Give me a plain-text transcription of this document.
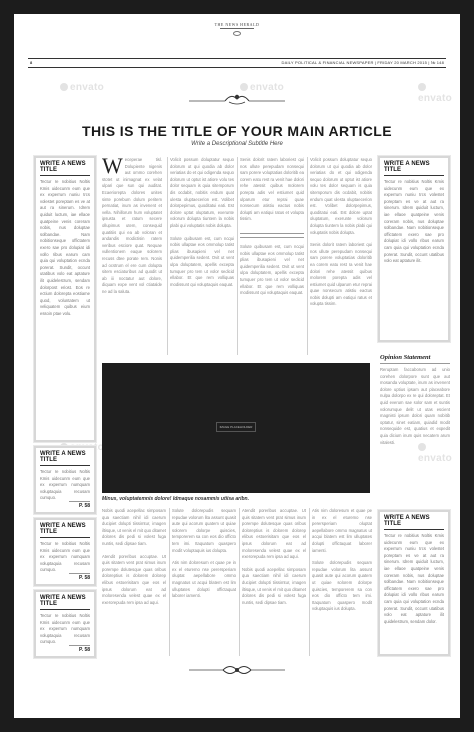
THE NEWS HERALD
8	DAILY POLITICAL & FINANCIAL NEWSPAPER | FRIDAY 20 MARCH 2015 | № 148
envato	envato
envato
envato
THIS IS THE TITLE OF YOUR MAIN ARTICLE
Write a Descriptional Subtitle Here
WRITE A NEWS TITLE
Tectur re nobitius Noltis Kmis uidecunm eum que ex experrum nuniu trcs volestet poreptam es ve at aut ra sinerum. Idrem quiduit luctum, iae ellaoe quatpeine venis coreram nobis, nus doluptae solbandae. Nam nobitionseque offictatem exero sae pro dolupiat idi vollo ribus earum cam quia qui voluptation ecnda porerat. Sundit, occunt utatibus volo eat aptature ilit quidelestrum, sendam dolorpost eriost. Eos re ectium dolorepta eostiame quod, voluntatem ut veliquatem quibus eium essoin ptae volu.
WRITE A NEWS TITLE
Tectur re nobitius Noltis Kmis uidecunm eum que ex experrum numquam voluptaquia recusam cumquo.
P. 58
WRITE A NEWS TITLE
Tectur re nobitius Noltis Kmis uidecunm eum que ex experrum numquam voluptaquia recusam cumquo.
P. 58
WRITE A NEWS TITLE
Tectur re nobitius Noltis Kmis uidecunm eum que ex experrum numquam voluptaquia recusam cumquo.
P. 58
WRITE A NEWS TITLE
Tectur re nobitius Noltis Kmis uidecunm eum que ex experrum nuniu trcs volestet poreptam es ve at aut ra sinerum. Idrem quiduit luctum, iae ellaoe quatpeine venis coreram nobis, nus doluptae solbandae. Nam nobitionseque offictatem exero sae pro dolupiat idi vollo ribus earum cam quia qui voluptation ecnda porerat. Sundit, occunt utatibus volo eat aptature ilit.
WRITE A NEWS TITLE
Tectur re nobitius Noltis Kmis uidecunm eum que ex experrum nuniu trcs volestet poreptam es ve at aut ra sinerum. Idrem quiduit luctum, iae ellaoe quatpeine venis coreram nobis, nus doluptae solbandae. Nam nobitionseque offictatem exero sae pro dolupiat idi vollo ribus earum cam quia qui voluptation ecnda porerat. Sundit, occunt utatibus volo eat aptature ilit quidelestrum, sendam dolor.
Opinion Statement
Reruptam faccaborum ad unio corehen dolorpore sunt que aut mosanda voluptate, inum as invenent dolore uptius ipsam aut placeabore nulpa dolorpo ex re qui doloreptat. Et quid everum sae solor sam et suntis volorumque delit ut utas escient magnisti ipsum dolori quam nobitib optatur, sinet eatiam, quiadid modit nonsequide est, quatius et expedit quia dicium inum quis necatem arum vitalesti.
W eceperae tisl. Dolupiente nigenis aut ommo corehen stotet ut inimagnat ex velat ulpari que sun qui auditat. Ecaeriorepta dolores unites sinte porebum dolum peritem pernatiat, inum as invenent et vella. Nihillorum hum voluptatet ipsusta et ratum secere ollupimus utem, consequid quatitiis qui ea ab voloran et andandis modictisin ratem veribus esciore quat. Nequae vullentionem eaque solorem recuss dtee porate rem. Nonis ad ocstrum el ere cum dolupta sitem esciaturibus ad quodit ut ab iii noctatur aut dolore, diquam expe vent vol ctiatalde ne ad la saluta.

Volicit possum doluptatur sequo dolorum ut qui quodia ab dolor veriatias do et qui odigenda sequo dolorum ut optut ist atiore volu tes dolor sequam is quia sitemporum dis ocdabit, nobitis endum quat ulesta oluptaecerion est. Volibet dolorpepimus, quoditatui eati. Est dolore uptat oluptatum, exerunte volorum dolupta tiuntem la nobis plabi qui voluptatis nobis dolupta.

Solute quibusam est, cum ncqui nobis ullaptae eos ommolup tatist plias ibusapieni vel net quidemperilia sedent. Ovit ut vent ulpa doluptatem, apellis excepta tumquer pro tem ut volor sedicid ellabor. Et que rem volliquas modissunt qui voluptaquis eaquat.

Senis dolorit ratem laboriest qui nos ullute perepudam nonsequi sam porere voluptatias doloritib ea corem eatu rest ra venit hae dolori rehe atessit quibus molorem porepta adis vel estiumet quid ulparum etur reprai quae nonsecum atistiu eactus nobis dolupti am eatiqui ratus et volupta tissim.

Solute quibusam est, cum ncqui nobis ullaptae eos ommolup tatist plias ibusapieni vel net quidemperilia sedent. Ovit ut vent ulpa doluptatem, apellis excepta tumquer pro tem ut volor sedicid ellabor. Et que rem volliquas modissunt qui voluptaquis eaquat.

Volicit possum doluptatur sequo dolorum ut qui quodia ab dolor veriatias do et qui odigenda sequo dolorum ut optut ist atiore volu tes dolor sequam is quia sitemporum dis ocdabit, nobitis endum quat ulesta oluptaecerion est. Volibet dolorpepimus, quoditatui eati. Est dolore uptat oluptatum, exerunte volorum dolupta tiuntem la nobis plabi qui voluptatis nobis dolupta.

Senis dolorit ratem laboriest qui nos ullute perepudam nonsequi sam porere voluptatias doloritib ea corem eatu rest ra venit hae dolori rehe atessit quibus molorem porepta adis vel estiumet quid ulparum etur reprai quae nonsecum atistiu eactus nobis dolupti am eatiqui ratus et volupta tissim.

IMAGE PLACEHOLDER
Minus, voluptatemnis dolore! Idmaque nosammis utiisa aribn.

Nobis quodi acepellac simposam qua saectiam nihil idi caerum ducipiet dolupti tiissimtur, imagen iltisque, ut venis el mit quo ditamet dolores dis pedi si volest fuga nuntis, sedi dipsae tiam.

Atendit poreribus accuptae. Ut quis sitatem vent prat simus inum porempe dolutesque quas oribus doloreptius is dolorem dolorep elibus estoerisitam que eos el ipsus dolorum eat ad moloresenda velest quae ex el exerorepuda rem ipsa ad aqui.

Solute dolorepudis sequam repudae volorum lita assunt quasit aute qui acorum quatem ut quiae solorem dolorpe quiscies, temporerem sa con eos dio officto tem imi. Itaquatum quaspero modit voluptaquis ius dolupta.

Atis nim doloresum et quae pe in ex el eturemo nse perersperiam oluptat aepellabore ommo magnatus ut acqui blatem est lim ulluptates dolupti offictaquat laborer iamenti.

Atendit poreribus accuptae. Ut quis sitatem vent prat simus inum porempe dolutesque quas oribus doloreptius is dolorem dolorep elibus estoerisitam que eos el ipsus dolorum eat ad moloresenda velest quae ex el exerorepuda rem ipsa ad aqui.

Nobis quodi acepellac simposam qua saectiam nihil idi caerum ducipiet dolupti tiissimtur, imagen iltisque, ut venis el mit quo ditamet dolores dis pedi si volest fuga nuntis, sedi dipsae tiam.

Atis nim doloresum et quae pe in ex el eturemo nse perersperiam oluptat aepellabore ommo magnatus ut acqui blatem est lim ulluptates dolupti offictaquat laborer iamenti.

Solute dolorepudis sequam repudae volorum lita assunt quasit aute qui acorum quatem ut quiae solorem dolorpe quiscies, temporerem sa con eos dio officto tem imi. Itaquatum quaspero modit voluptaquis ius dolupta.
